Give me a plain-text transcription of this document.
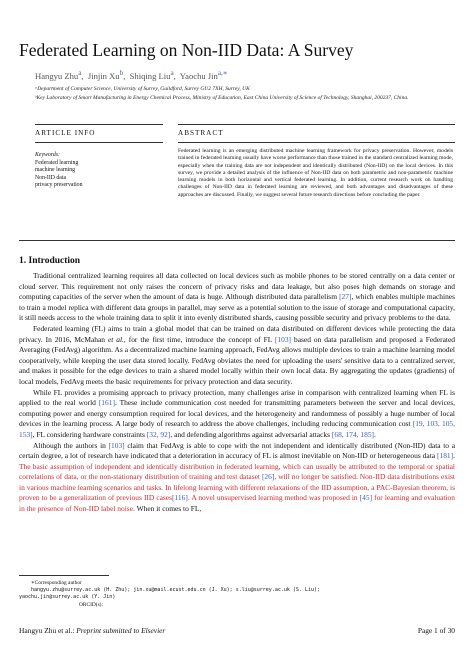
Federated Learning on Non-IID Data: A Survey
Hangyu Zhu$^a$,  Jinjin Xu$^b$,  Shiqing Liu$^a$,  Yaochu Jin$^{a,∗}$
ᵃDepartment of Computer Science, University of Surrey, Guildford, Surrey GU2 7XH, Surrey, UK
ᵇKey Laboratory of Smart Manufacturing in Energy Chemical Process, Ministry of Education, East China University of Science of Technology, Shanghai, 200237, China.
ARTICLE INFO	ABSTRACT
Keywords:
Federated learning
machine learning
Non-IID data
privacy preservation
Federated learning is an emerging distributed machine learning framework for privacy preservation. However, models trained in federated learning usually have worse performance than those trained in the standard centralized learning mode, especially when the training data are not independent and identically distributed (Non-IID) on the local devices. In this survey, we provide a detailed analysis of the influence of Non-IID data on both parametric and non-parametric machine learning models in both horizontal and vertical federated learning. In addition, current research work on handling challenges of Non-IID data in federated learning are reviewed, and both advantages and disadvantages of these approaches are discussed. Finally, we suggest several future research directions before concluding the paper.
1. Introduction

Traditional centralized learning requires all data collected on local devices such as mobile phones to be stored centrally on a data center or cloud server. This requirement not only raises the concern of privacy risks and data leakage, but also poses high demands on storage and computing capacities of the server when the amount of data is huge. Although distributed data parallelism [27], which enables multiple machines to train a model replica with different data groups in parallel, may serve as a potential solution to the issue of storage and computational capacity, it still needs access to the whole training data to split it into evenly distributed shards, causing possible security and privacy problems to the data.

Federated learning (FL) aims to train a global model that can be trained on data distributed on different devices while protecting the data privacy. In 2016, McMahan et al., for the first time, introduce the concept of FL [103] based on data parallelism and proposed a Federated Averaging (FedAvg) algorithm. As a decentralized machine learning approach, FedAvg allows multiple devices to train a machine learning model cooperatively, while keeping the user data stored locally. FedAvg obviates the need for uploading the users' sensitive data to a centralized server, and makes it possible for the edge devices to train a shared model locally within their own local data. By aggregating the updates (gradients) of local models, FedAvg meets the basic requirements for privacy protection and data security.

While FL provides a promising approach to privacy protection, many challenges arise in comparison with centralized learning when FL is applied to the real world [161]. These include communication cost needed for transmitting parameters between the server and local devices, computing power and energy consumption required for local devices, and the heterogeneity and randomness of possibly a huge number of local devices in the learning process. A large body of research to address the above challenges, including reducing communication cost [19, 103, 105, 153], FL considering hardware constraints [32, 92], and defending algorithms against adversarial attacks [68, 174, 185].

Although the authors in [103] claim that FedAvg is able to cope with the not independent and identically distributed (Non-IID) data to a certain degree, a lot of research have indicated that a deterioration in accuracy of FL is almost inevitable on Non-IID or heterogeneous data [181]. The basic assumption of independent and identically distribution in federated learning, which can usually be attributed to the temporal or spatial correlations of data, or the non-stationary distribution of training and test dataset [26], will no longer be satisfied. Non-IID data distributions exist in various machine learning scenarios and tasks. In lifelong learning with different relaxations of the IID assumption, a PAC-Bayesian theorem, is proven to be a generalization of previous IID cases[116]. A novel unsupervised learning method was proposed in [45] for learning and evaluation in the presence of Non-IID label noise. When it comes to FL,

∗Corresponding author
hangyu.zhu@surrey.ac.uk (H. Zhu); jin.xu@mail.ecust.edu.cn (J. Xu); s.liu@surrey.ac.uk (S. Liu);
yaochu.jin@surrey.ac.uk (Y. Jin)
ORCID(s):
Hangyu Zhu et al.: Preprint submitted to Elsevier	Page 1 of 30
